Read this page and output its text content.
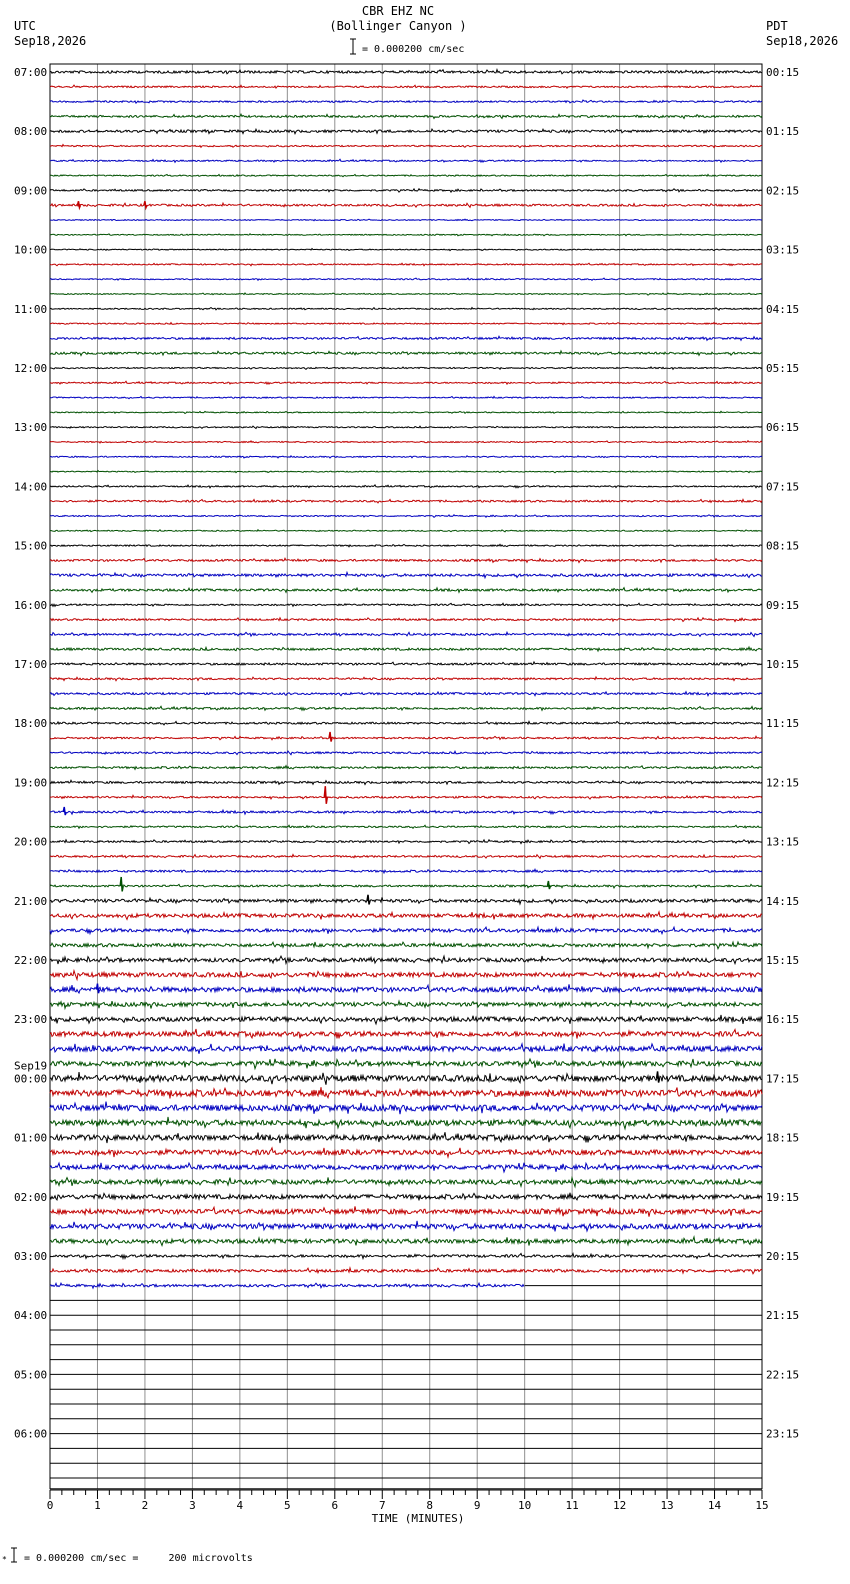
07:00
08:00
09:00
10:00
11:00
12:00
13:00
14:00
15:00
16:00
17:00
18:00
19:00
20:00
21:00
22:00
23:00
00:00
01:00
02:00
03:00
04:00
05:00
06:00
Sep19
00:15
01:15
02:15
03:15
04:15
05:15
06:15
07:15
08:15
09:15
10:15
11:15
12:15
13:15
14:15
15:15
16:15
17:15
18:15
19:15
20:15
21:15
22:15
23:15
CBR EHZ NC
(Bollinger Canyon )
= 0.000200 cm/sec
UTC
Sep18,2026
PDT
Sep18,2026
0	1	2	3	4	5	6	7	8	9	10	11	12	13	14	15
TIME (MINUTES)
* = 0.000200 cm/sec =     200 microvolts
